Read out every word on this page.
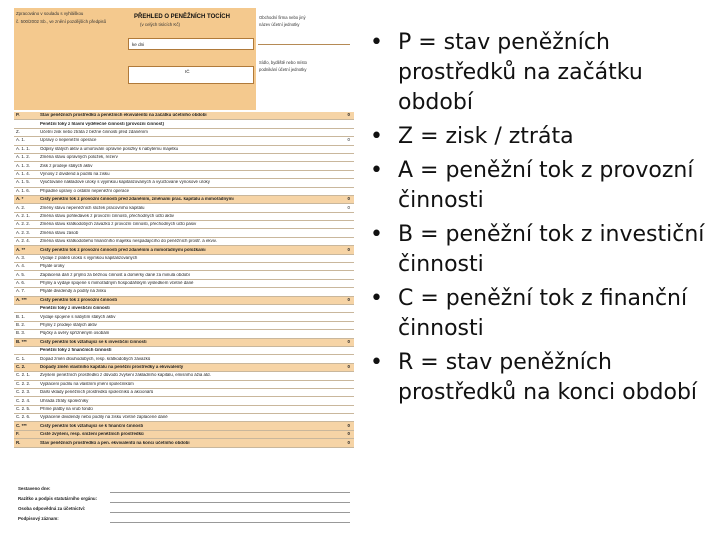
Zpracováno v souladu s vyhláškou
č. 500/2002 Sb., ve znění pozdějších předpisů
PŘEHLED O PENĚŽNÍCH TOCÍCH
(v celých tisících Kč)
ke dni
IČ
Obchodní firma nebo jiný
název účetní jednotky
Sídlo, bydliště nebo místo
podnikání účetní jednotky
P.	Stav peněžních prostředků a peněžních ekvivalentů na začátku účetního období	0
Peněžní toky z hlavní výdělečné činnosti (provozní činnost)
Z.	Účetní zisk nebo ztráta z běžné činnosti před zdaněním
A. 1.	Úpravy o nepeněžní operace	0
A. 1. 1.	Odpisy stálých aktiv a umořování opravné položky k nabytému majetku
A. 1. 2.	Změna stavu opravných položek, rezerv
A. 1. 3.	Zisk z prodeje stálých aktiv
A. 1. 4.	Výnosy z dividend a podílů na zisku
A. 1. 5.	Vyúčtované nákladové úroky s výjimkou kapitalizovaných a vyúčtované výnosové úroky
A. 1. 6.	Případné úpravy o ostatní nepeněžní operace
A. *	Čistý peněžní tok z provozní činnosti před zdaněním, změnami prac. kapitálu a mimořádnými	0
A. 2.	Změny stavu nepeněžních složek pracovního kapitálu	0
A. 2. 1.	Změna stavu pohledávek z provozní činnosti, přechodných účtů aktiv
A. 2. 2.	Změna stavu krátkodobých závazků z provozní činnosti, přechodných účtů pasiv
A. 2. 3.	Změna stavu zásob
A. 2. 4.	Změna stavu krátkodobého finančního majetku nespadajícího do peněžních prostř. a ekviv.
A. **	Čistý peněžní tok z provozní činnosti před zdaněním a mimořádnými položkami	0
A. 3.	Výdaje z plateb úroků s výjimkou kapitalizovaných
A. 4.	Přijaté úroky
A. 5.	Zaplacená daň z příjmů za běžnou činnost a doměrky daně za minulá období
A. 6.	Příjmy a výdaje spojené s mimořádným hospodářským výsledkem včetně daně
A. 7.	Přijaté dividendy a podíly na zisku
A. ***	Čistý peněžní tok z provozní činnosti	0
Peněžní toky z investiční činnosti
B. 1.	Výdaje spojené s nabytím stálých aktiv
B. 2.	Příjmy z prodeje stálých aktiv
B. 3.	Půjčky a úvěry spřízněným osobám
B. ***	Čistý peněžní tok vztahující se k investiční činnosti	0
Peněžní toky z finančních činností
C. 1.	Dopad změn dlouhodobých, resp. krátkodobých závazků
C. 2.	Dopady změn vlastního kapitálu na peněžní prostředky a ekvivalenty	0
C. 2. 1.	Zvýšení peněžních prostředků z důvodů zvýšení základního kapitálu, emisního ážia atd.
C. 2. 2.	Vyplacení podílu na vlastním jmění společníkům
C. 2. 3.	Další vklady peněžních prostředků společníků a akcionářů
C. 2. 4.	Úhrada ztráty společníky
C. 2. 5.	Přímé platby na vrub fondů
C. 2. 6.	Vyplacené dividendy nebo podíly na zisku včetně zaplacené daně
C. ***	Čistý peněžní tok vztahující se k finanční činnosti	0
F.	Čisté zvýšení, resp. snížení peněžních prostředků	0
R.	Stav peněžních prostředků a pen. ekvivalentů na konci účetního období	0
Sestaveno dne:
Razítko a podpis statutárního orgánu:
Osoba odpovědná za účetnictví:
Podpisový záznam:
• P = stav peněžních prostředků na začátku období
• Z = zisk / ztráta
• A = peněžní tok z provozní činnosti
• B = peněžní tok z investiční činnosti
• C = peněžní tok z finanční činnosti
• R = stav peněžních prostředků na konci období
